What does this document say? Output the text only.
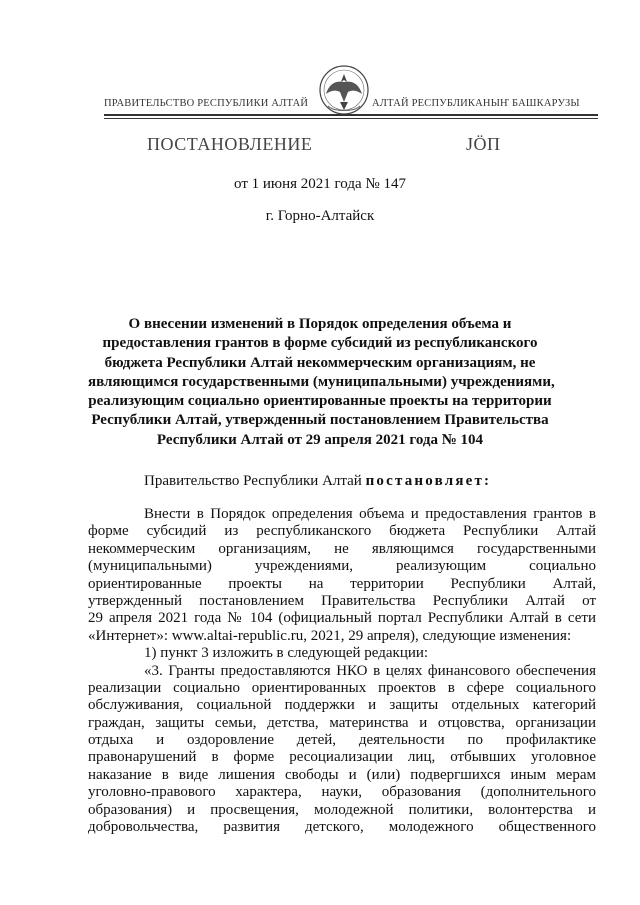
ПРАВИТЕЛЬСТВО РЕСПУБЛИКИ АЛТАЙ	АЛТАЙ РЕСПУБЛИКАНЫҤ БАШКАРУЗЫ
ПОСТАНОВЛЕНИЕ	ЈÖП
от 1 июня 2021 года № 147
г. Горно-Алтайск
О внесении изменений в Порядок определения объема и
предоставления грантов в форме субсидий из республиканского
бюджета Республики Алтай некоммерческим организациям, не
являющимся государственными (муниципальными) учреждениями,
реализующим социально ориентированные проекты на территории
Республики Алтай, утвержденный постановлением Правительства
Республики Алтай от 29 апреля 2021 года № 104
Правительство Республики Алтай постановляет:
Внести в Порядок определения объема и предоставления грантов в
форме субсидий из республиканского бюджета Республики Алтай
некоммерческим организациям, не являющимся государственными
(муниципальными) учреждениями, реализующим социально
ориентированные проекты на территории Республики Алтай,
утвержденный постановлением Правительства Республики Алтай от
29 апреля 2021 года № 104 (официальный портал Республики Алтай в сети
«Интернет»: www.altai-republic.ru, 2021, 29 апреля), следующие изменения:
1) пункт 3 изложить в следующей редакции:
«3. Гранты предоставляются НКО в целях финансового обеспечения
реализации социально ориентированных проектов в сфере социального
обслуживания, социальной поддержки и защиты отдельных категорий
граждан, защиты семьи, детства, материнства и отцовства, организации
отдыха и оздоровление детей, деятельности по профилактике
правонарушений в форме ресоциализации лиц, отбывших уголовное
наказание в виде лишения свободы и (или) подвергшихся иным мерам
уголовно-правового характера, науки, образования (дополнительного
образования) и просвещения, молодежной политики, волонтерства и
добровольчества, развития детского, молодежного общественного
